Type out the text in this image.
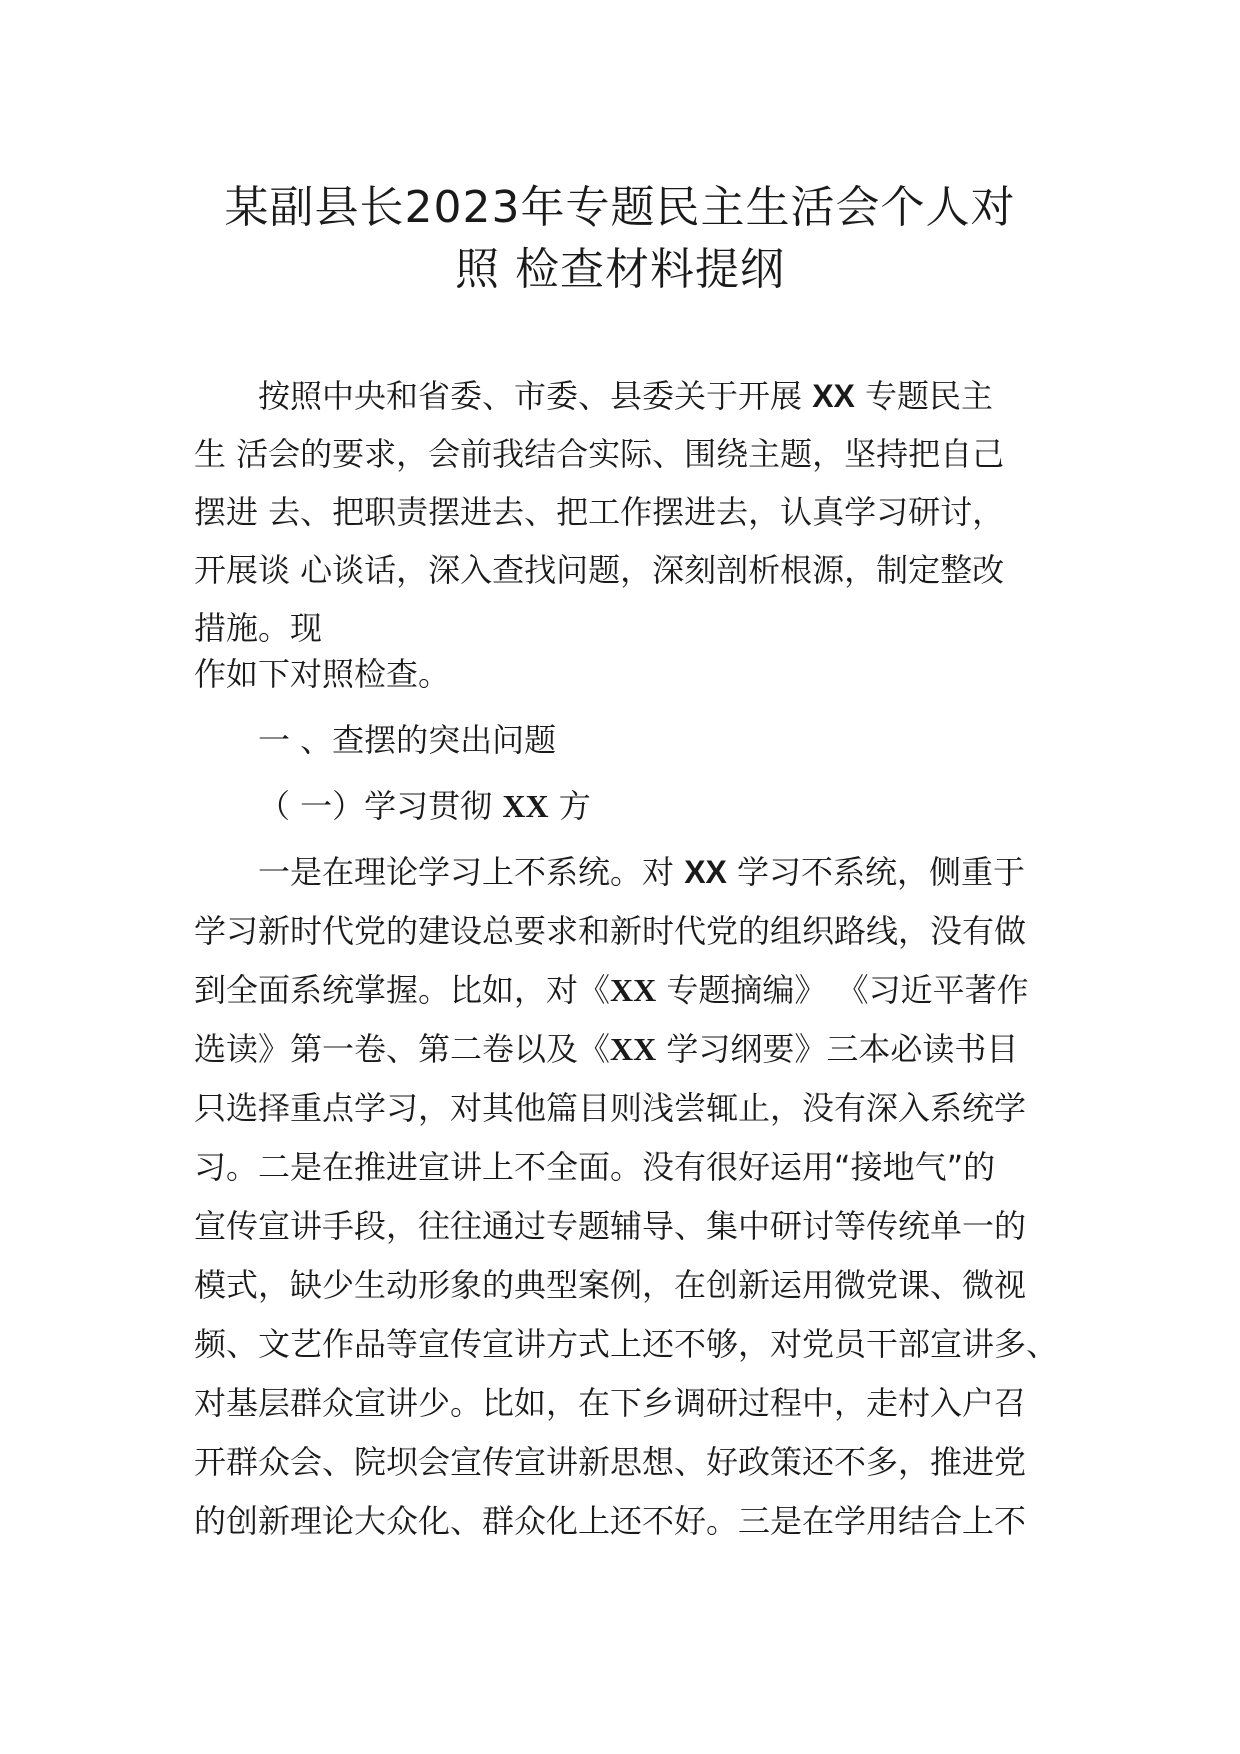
某副县长2023年专题民主生活会个人对
照 检查材料提纲
按照中央和省委、市委、县委关于开展 XX 专题民主
生 活会的要求，会前我结合实际、围绕主题，坚持把自己
摆进 去、把职责摆进去、把工作摆进去，认真学习研讨，
开展谈 心谈话，深入查找问题，深刻剖析根源，制定整改
措施。现
作如下对照检查。
一 、查摆的突出问题
（ 一）学习贯彻 XX 方
一是在理论学习上不系统。对 XX 学习不系统，侧重于
学习新时代党的建设总要求和新时代党的组织路线，没有做
到全面系统掌握。比如，对《XX 专题摘编》 《习近平著作
选读》第一卷、第二卷以及《XX 学习纲要》三本必读书目
只选择重点学习，对其他篇目则浅尝辄止，没有深入系统学
习。二是在推进宣讲上不全面。没有很好运用“接地气”的
宣传宣讲手段，往往通过专题辅导、集中研讨等传统单一的
模式，缺少生动形象的典型案例，在创新运用微党课、微视
频、文艺作品等宣传宣讲方式上还不够，对党员干部宣讲多、
对基层群众宣讲少。比如，在下乡调研过程中，走村入户召
开群众会、院坝会宣传宣讲新思想、好政策还不多，推进党
的创新理论大众化、群众化上还不好。三是在学用结合上不
